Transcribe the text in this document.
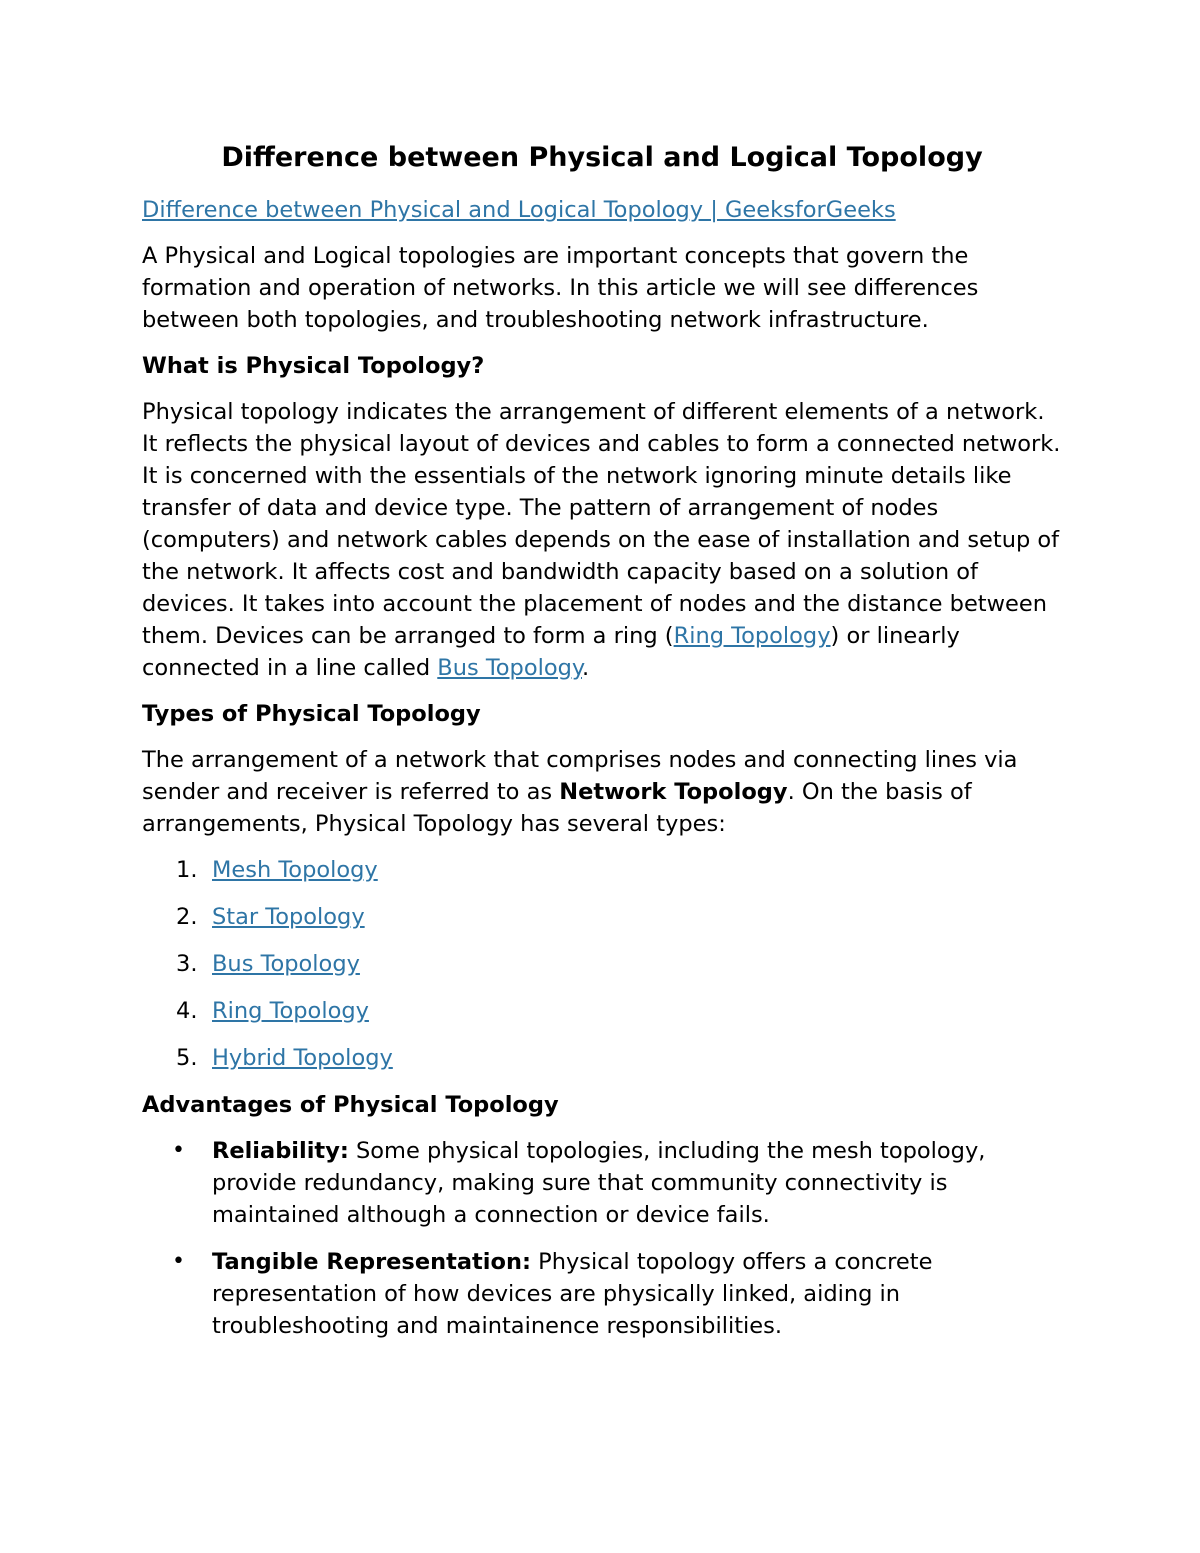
Difference between Physical and Logical Topology
Difference between Physical and Logical Topology | GeeksforGeeks
A Physical and Logical topologies are important concepts that govern the formation and operation of networks. In this article we will see differences between both topologies, and troubleshooting network infrastructure.
What is Physical Topology?
Physical topology indicates the arrangement of different elements of a network. It reflects the physical layout of devices and cables to form a connected network. It is concerned with the essentials of the network ignoring minute details like transfer of data and device type. The pattern of arrangement of nodes (computers) and network cables depends on the ease of installation and setup of the network. It affects cost and bandwidth capacity based on a solution of devices. It takes into account the placement of nodes and the distance between them. Devices can be arranged to form a ring (Ring Topology) or linearly connected in a line called Bus Topology.
Types of Physical Topology
The arrangement of a network that comprises nodes and connecting lines via sender and receiver is referred to as Network Topology. On the basis of arrangements, Physical Topology has several types:
1. Mesh Topology
2. Star Topology
3. Bus Topology
4. Ring Topology
5. Hybrid Topology
Advantages of Physical Topology
• Reliability: Some physical topologies, including the mesh topology, provide redundancy, making sure that community connectivity is maintained although a connection or device fails.
• Tangible Representation: Physical topology offers a concrete representation of how devices are physically linked, aiding in troubleshooting and maintainence responsibilities.
